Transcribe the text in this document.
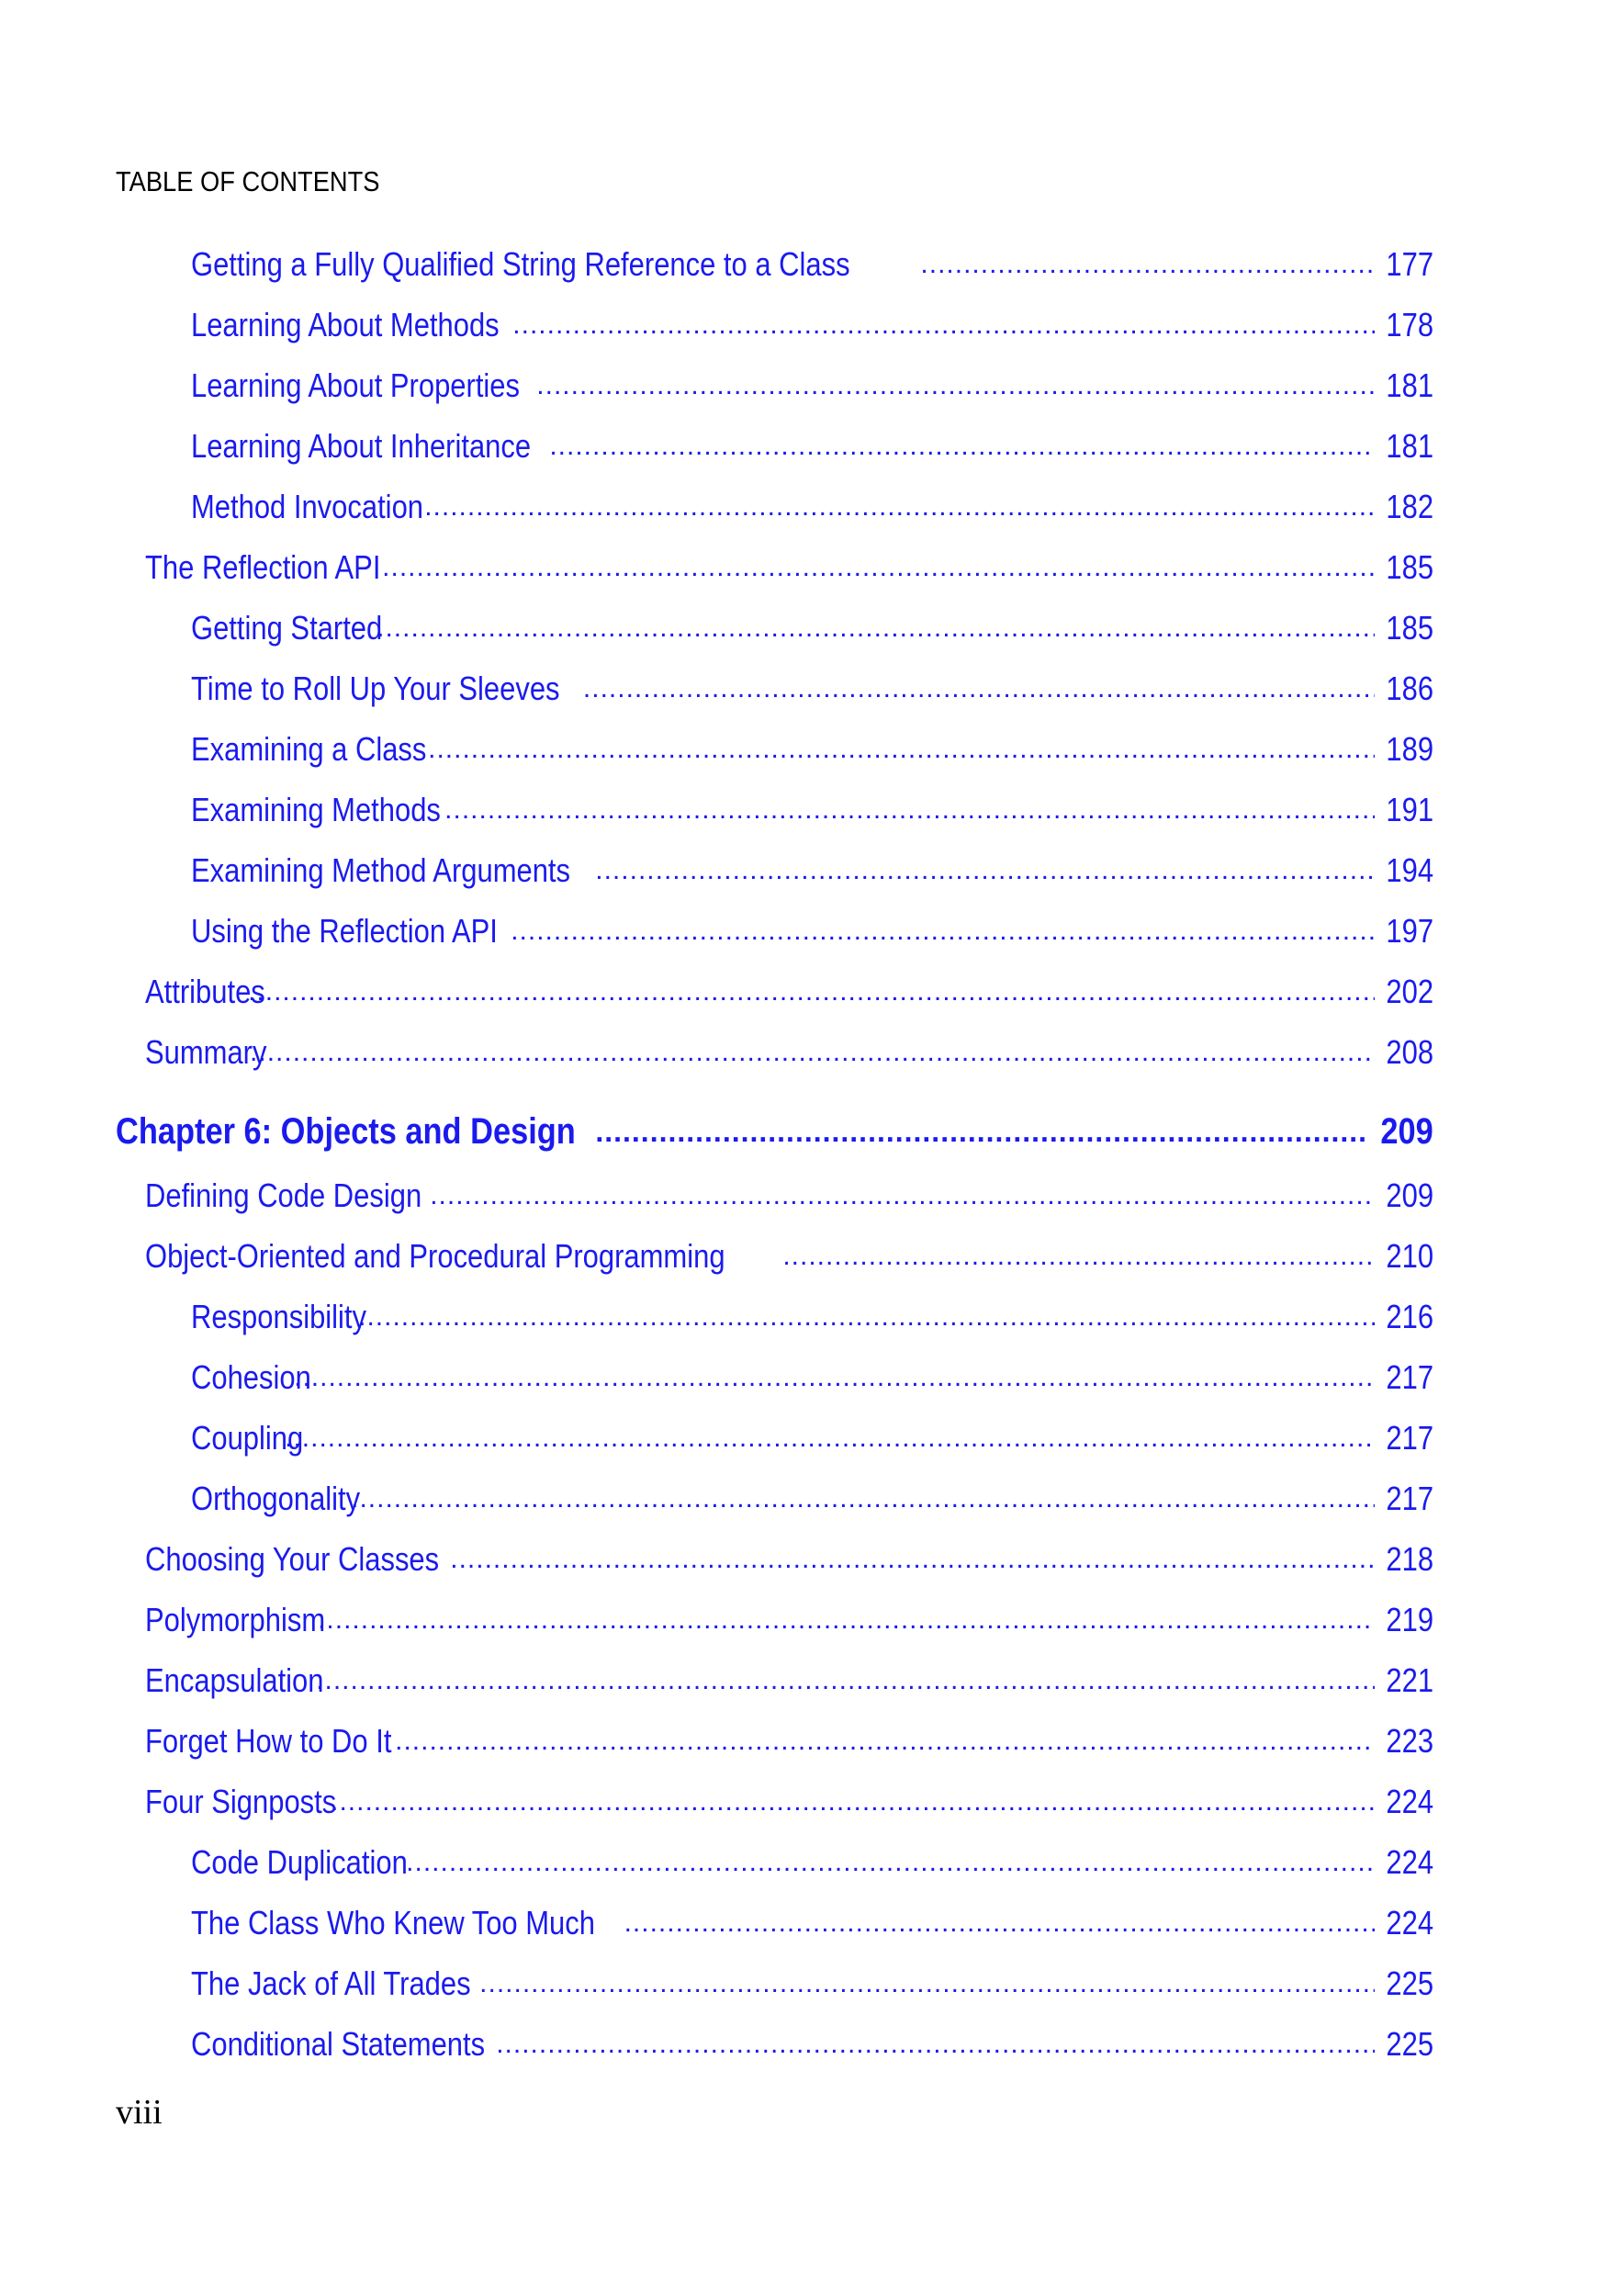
TABLE OF CONTENTS
Getting a Fully Qualified String Reference to a Class .....	177
Learning About Methods .....	178
Learning About Properties .....	181
Learning About Inheritance .....	181
Method Invocation .....	182
The Reflection API .....	185
Getting Started .....	185
Time to Roll Up Your Sleeves .....	186
Examining a Class .....	189
Examining Methods .....	191
Examining Method Arguments .....	194
Using the Reflection API .....	197
Attributes .....	202
Summary .....	208
Chapter 6: Objects and Design .....	209
Defining Code Design .....	209
Object-Oriented and Procedural Programming .....	210
Responsibility .....	216
Cohesion .....	217
Coupling .....	217
Orthogonality .....	217
Choosing Your Classes .....	218
Polymorphism .....	219
Encapsulation .....	221
Forget How to Do It .....	223
Four Signposts .....	224
Code Duplication .....	224
The Class Who Knew Too Much .....	224
The Jack of All Trades .....	225
Conditional Statements .....	225
viii
